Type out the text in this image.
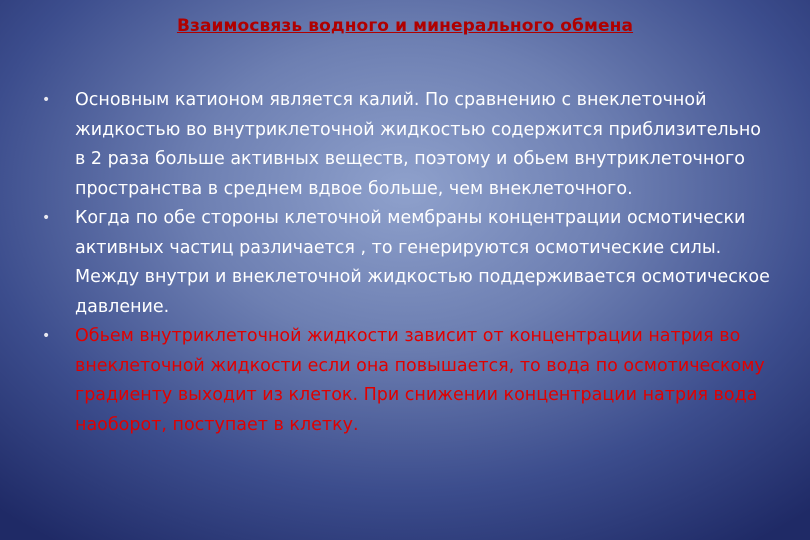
Взаимосвязь водного и минерального обмена
• Основным катионом является калий. По сравнению с внеклеточной жидкостью во внутриклеточной жидкостью содержится приблизительно в 2 раза больше активных веществ, поэтому и обьем внутриклеточного пространства в среднем вдвое больше, чем внеклеточного.
• Когда по обе стороны клеточной мембраны концентрации осмотически активных частиц различается , то генерируются осмотические силы. Между внутри и внеклеточной жидкостью поддерживается осмотическое давление.
• Обьем внутриклеточной жидкости зависит от концентрации натрия во внеклеточной жидкости если она повышается, то вода по осмотическому градиенту выходит из клеток. При снижении концентрации натрия вода наоборот, поступает в клетку.
